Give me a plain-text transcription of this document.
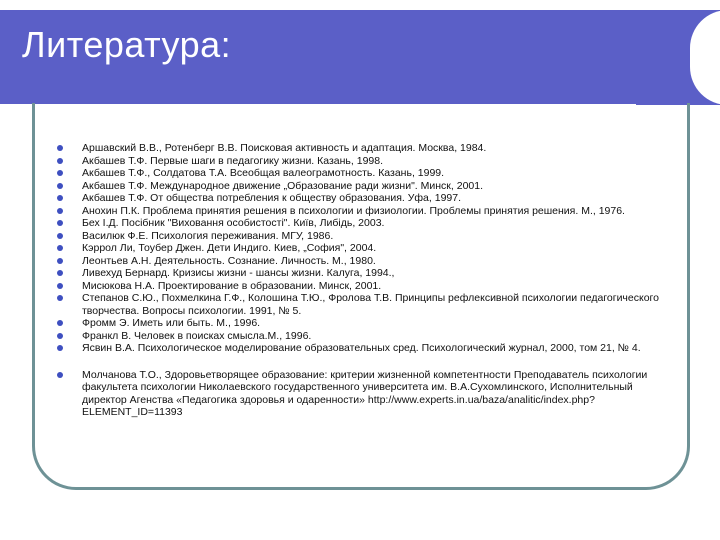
Литература:
Аршавский В.В., Ротенберг В.В. Поисковая активность и адаптация. Москва, 1984.
Акбашев Т.Ф. Первые шаги в педагогику жизни. Казань, 1998.
Акбашев Т.Ф., Солдатова Т.А. Всеобщая валеограмотность. Казань, 1999.
Акбашев Т.Ф. Международное движение „Образование ради жизни". Минск, 2001.
Акбашев Т.Ф. От общества потребления к обществу образования. Уфа, 1997.
Анохин П.К. Проблема принятия решения в психологии и физиологии. Проблемы принятия решения. М., 1976.
Бех І.Д. Посібник "Виховання особистості". Київ, Либідь, 2003.
Василюк Ф.Е. Психология переживания. МГУ, 1986.
Кэррол Ли, Тоубер Джен. Дети Индиго. Киев, „София", 2004.
Леонтьев А.Н. Деятельность. Сознание. Личность. М., 1980.
Ливехуд Бернард. Кризисы жизни - шансы жизни. Калуга, 1994.,
Мисюкова Н.А. Проектирование в образовании. Минск, 2001.
Степанов С.Ю., Похмелкина Г.Ф., Колошина Т.Ю., Фролова Т.В. Принципы рефлексивной психологии педагогического творчества. Вопросы психологии. 1991, № 5.
Фромм Э. Иметь или быть. М., 1996.
Франкл В. Человек в поисках смысла.М., 1996.
Ясвин В.А. Психологическое моделирование образовательных сред. Психологический журнал, 2000, том 21, № 4.
Молчанова Т.О., Здоровьетворящее образование: критерии жизненной компетентности Преподаватель психологии факультета психологии Николаевского государственного университета им. В.А.Сухомлинского, Исполнительный директор Агенства «Педагогика здоровья и одаренности» http://www.experts.in.ua/baza/analitic/index.php?ELEMENT_ID=11393
